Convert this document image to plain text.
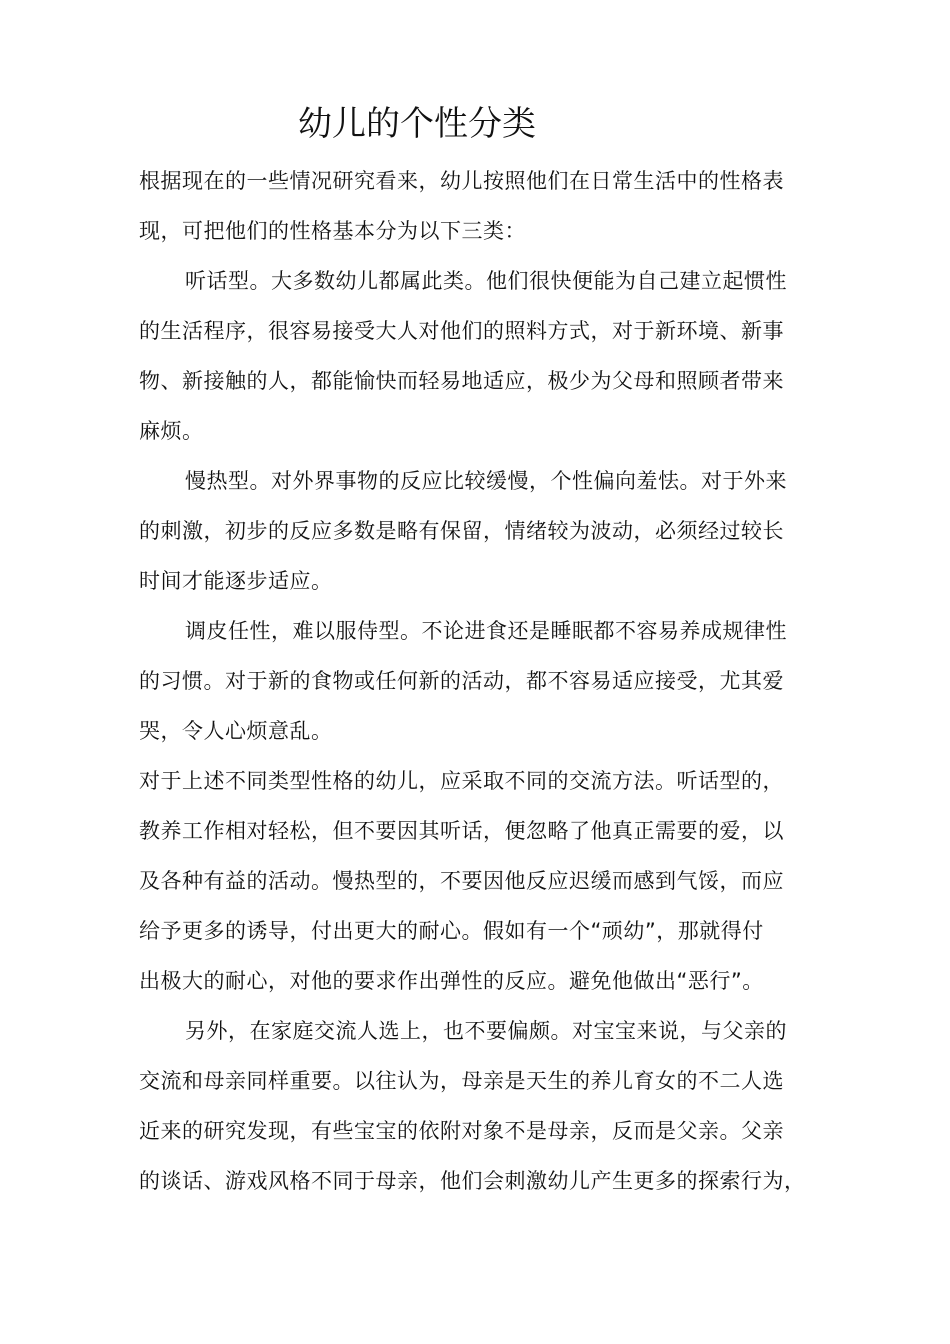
幼儿的个性分类
根据现在的一些情况研究看来，幼儿按照他们在日常生活中的性格表
现，可把他们的性格基本分为以下三类：
听话型。大多数幼儿都属此类。他们很快便能为自己建立起惯性
的生活程序，很容易接受大人对他们的照料方式，对于新环境、新事
物、新接触的人，都能愉快而轻易地适应，极少为父母和照顾者带来
麻烦。
慢热型。对外界事物的反应比较缓慢，个性偏向羞怯。对于外来
的刺激，初步的反应多数是略有保留，情绪较为波动，必须经过较长
时间才能逐步适应。
调皮任性，难以服侍型。不论进食还是睡眠都不容易养成规律性
的习惯。对于新的食物或任何新的活动，都不容易适应接受，尤其爱
哭，令人心烦意乱。
对于上述不同类型性格的幼儿，应采取不同的交流方法。听话型的，
教养工作相对轻松，但不要因其听话，便忽略了他真正需要的爱，以
及各种有益的活动。慢热型的，不要因他反应迟缓而感到气馁，而应
给予更多的诱导，付出更大的耐心。假如有一个“顽幼”，那就得付
出极大的耐心，对他的要求作出弹性的反应。避免他做出“恶行”。
另外，在家庭交流人选上，也不要偏颇。对宝宝来说，与父亲的
交流和母亲同样重要。以往认为，母亲是天生的养儿育女的不二人选
近来的研究发现，有些宝宝的依附对象不是母亲，反而是父亲。父亲
的谈话、游戏风格不同于母亲，他们会刺激幼儿产生更多的探索行为，
